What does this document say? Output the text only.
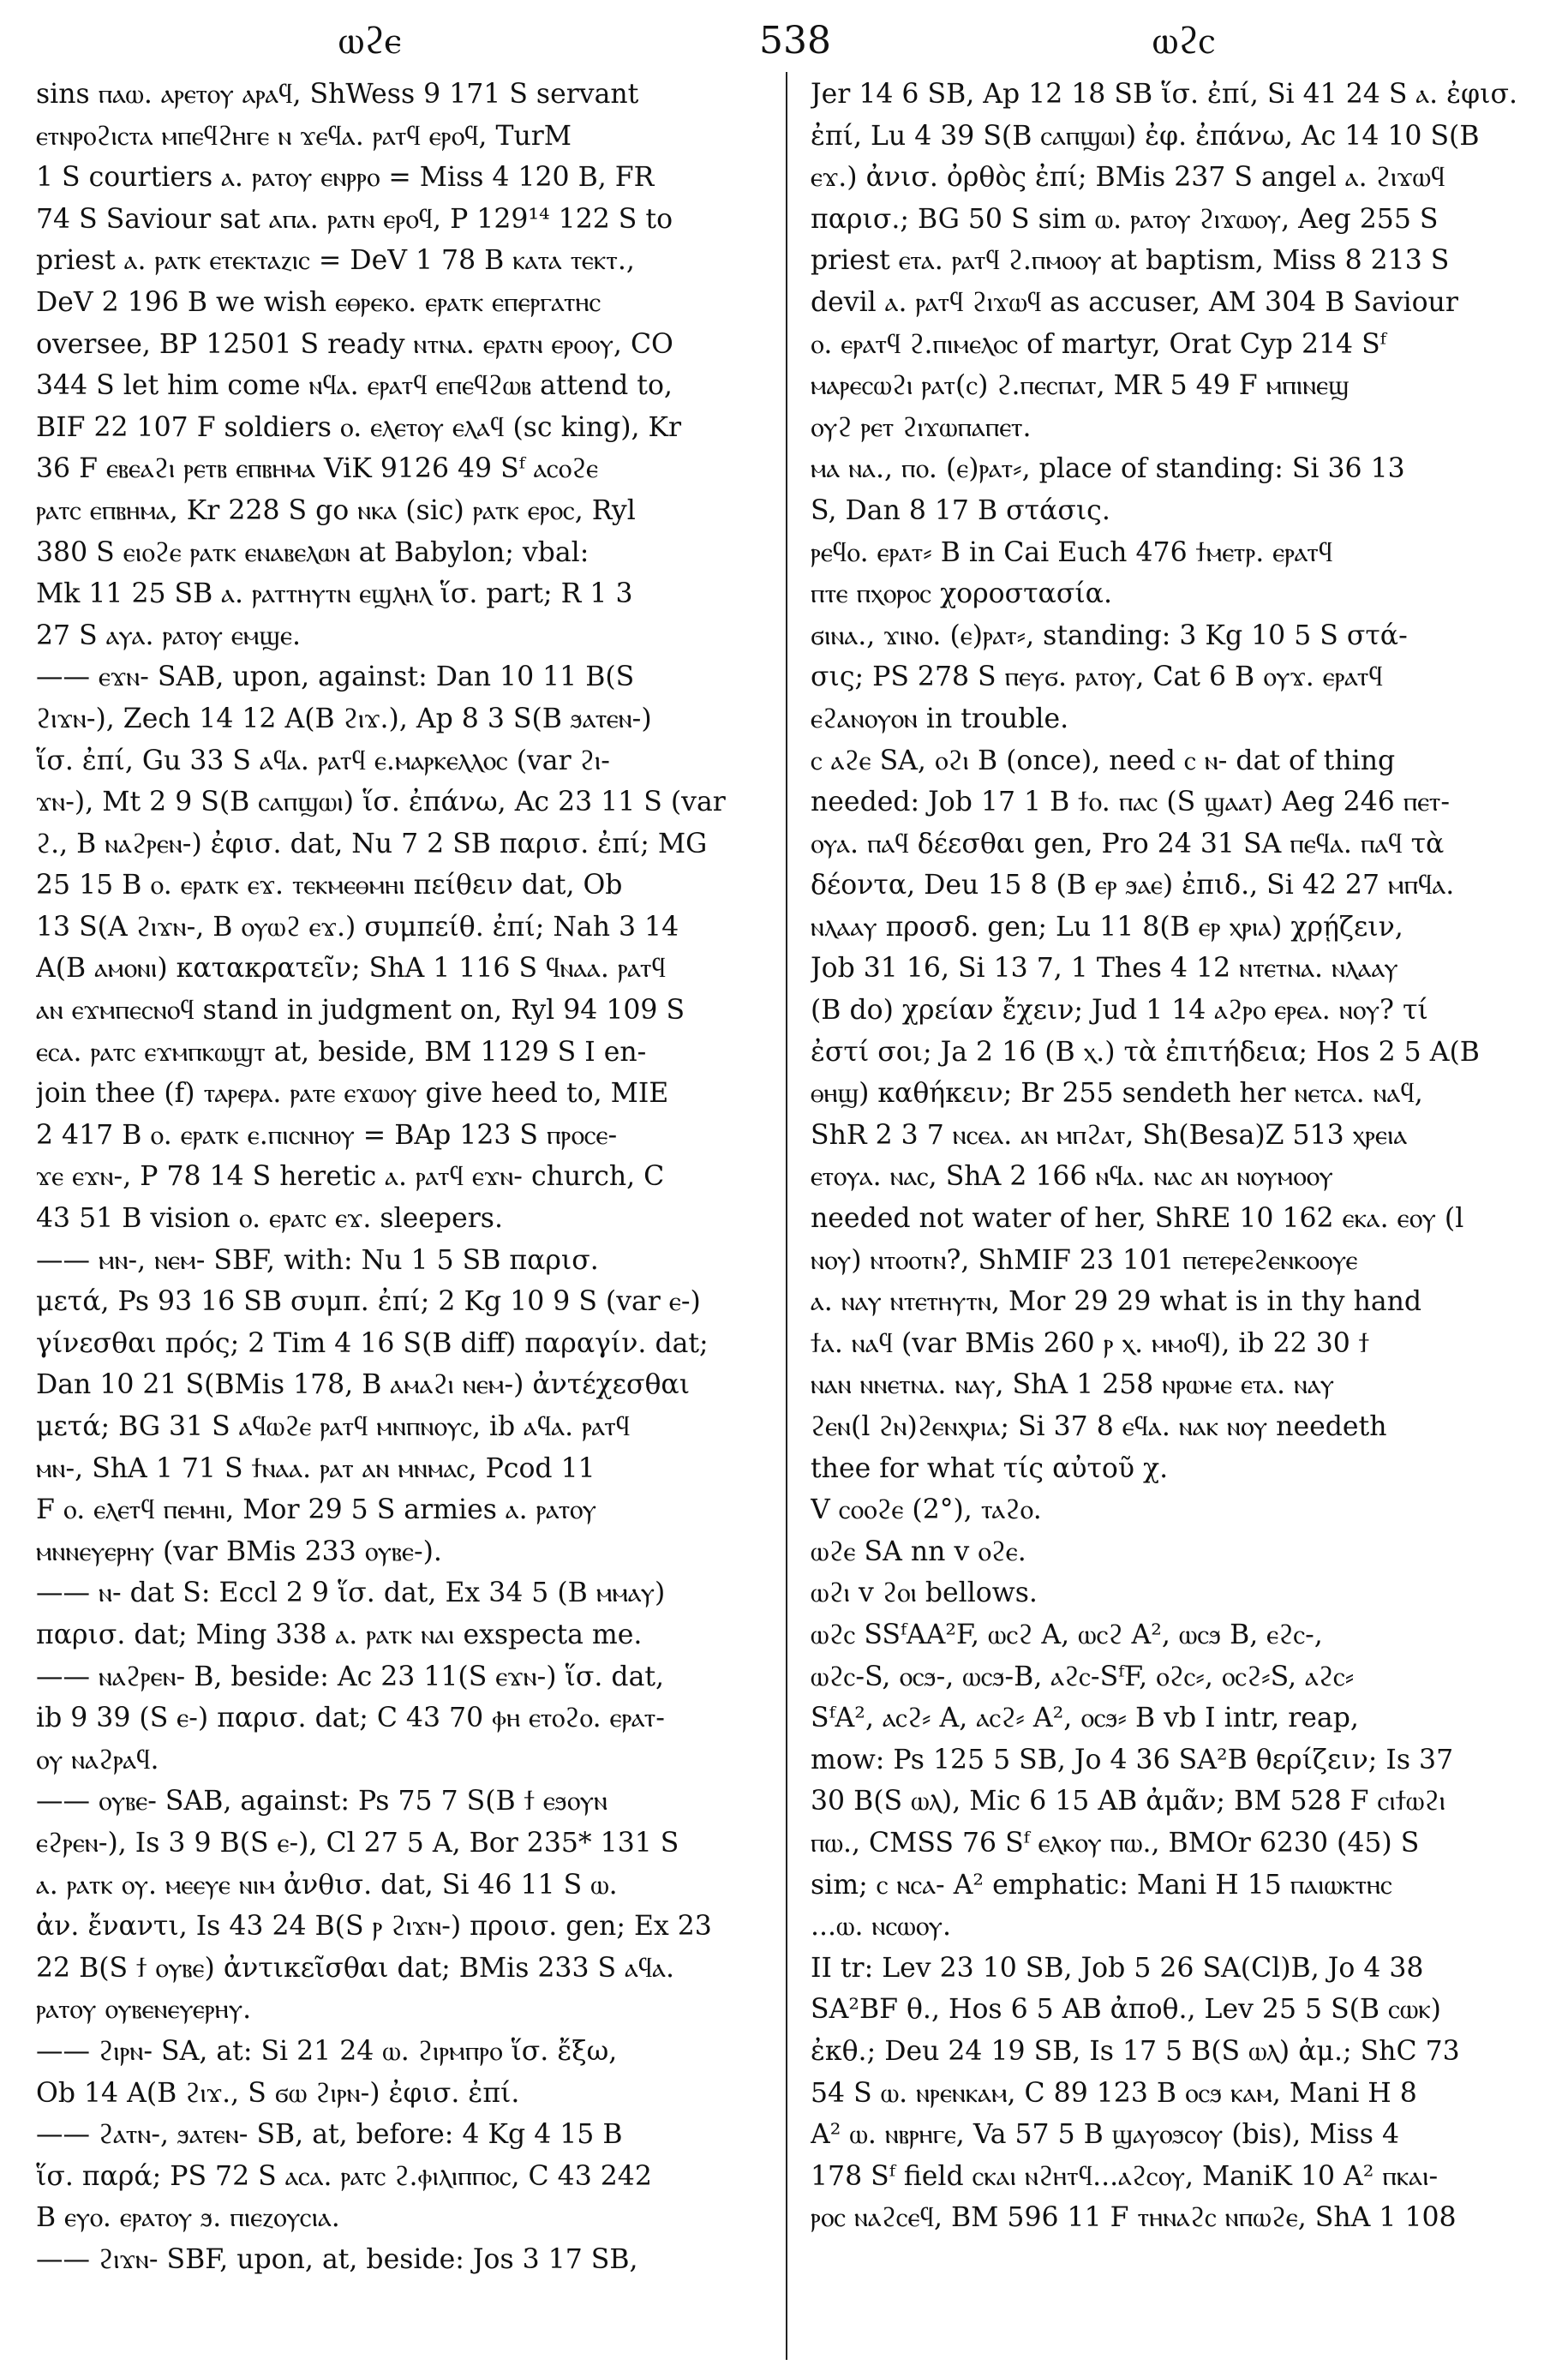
ⲱϩⲉ	538	ⲱϩⲥ

sins ⲡⲁⲱ. ⲁⲣⲉⲧⲟⲩ ⲁⲣⲁϥ, ShWess 9 171 S servant

ⲉⲧⲛⲣⲟϩⲓⲥⲧⲁ ⲙⲡⲉϥϩⲏⲅⲉ ⲛ ϫⲉϥⲁ. ⲣⲁⲧϥ ⲉⲣⲟϥ, TurM

1 S courtiers ⲁ. ⲣⲁⲧⲟⲩ ⲉⲛⲣⲣⲟ = Miss 4 120 B, FR

74 S Saviour sat ⲁⲡⲁ. ⲣⲁⲧⲛ ⲉⲣⲟϥ, P 129¹⁴ 122 S to

priest ⲁ. ⲣⲁⲧⲕ ⲉⲧⲉⲕⲧⲁⲍⲓⲥ = DeV 1 78 B ⲕⲁⲧⲁ ⲧⲉⲕⲧ.,

DeV 2 196 B we wish ⲉⲑⲣⲉⲕⲟ. ⲉⲣⲁⲧⲕ ⲉⲡⲉⲣⲅⲁⲧⲏⲥ

oversee, BP 12501 S ready ⲛⲧⲛⲁ. ⲉⲣⲁⲧⲛ ⲉⲣⲟⲟⲩ, CO

344 S let him come ⲛϥⲁ. ⲉⲣⲁⲧϥ ⲉⲡⲉϥϩⲱⲃ attend to,

BIF 22 107 F soldiers ⲟ. ⲉⲗⲉⲧⲟⲩ ⲉⲗⲁϥ (sc king), Kr

36 F ⲉⲃⲉⲁϩⲓ ⲣⲉⲧⲃ ⲉⲡⲃⲏⲙⲁ ViK 9126 49 Sᶠ ⲁⲥⲟϩⲉ

ⲣⲁⲧⲥ ⲉⲡⲃⲏⲙⲁ, Kr 228 S go ⲛⲕⲁ (sic) ⲣⲁⲧⲕ ⲉⲣⲟⲥ, Ryl

380 S ⲉⲓⲟϩⲉ ⲣⲁⲧⲕ ⲉⲛⲁⲃⲉⲗⲱⲛ at Babylon; vbal:

Mk 11 25 SB ⲁ. ⲣⲁⲧⲧⲏⲩⲧⲛ ⲉϣⲗⲏⲗ ἵσ. part; R 1 3

27 S ⲁⲩⲁ. ⲣⲁⲧⲟⲩ ⲉⲙϣⲉ.

—— ⲉϫⲛ- SAB, upon, against: Dan 10 11 B(S

ϩⲓϫⲛ-), Zech 14 12 A(B ϩⲓϫ.), Ap 8 3 S(B ϧⲁⲧⲉⲛ-)

ἵσ. ἐπί, Gu 33 S ⲁϥⲁ. ⲣⲁⲧϥ ⲉ.ⲙⲁⲣⲕⲉⲗⲗⲟⲥ (var ϩⲓ-

ϫⲛ-), Mt 2 9 S(B ⲥⲁⲡϣⲱⲓ) ἵσ. ἐπάνω, Ac 23 11 S (var

ϩ., B ⲛⲁϩⲣⲉⲛ-) ἐφισ. dat, Nu 7 2 SB παρισ. ἐπί; MG

25 15 B ⲟ. ⲉⲣⲁⲧⲕ ⲉϫ. ⲧⲉⲕⲙⲉⲑⲙⲏⲓ πείθειν dat, Ob

13 S(A ϩⲓϫⲛ-, B ⲟⲩⲱϩ ⲉϫ.) συμπείθ. ἐπί; Nah 3 14

A(B ⲁⲙⲟⲛⲓ) κατακρατεῖν; ShA 1 116 S ϥⲛⲁⲁ. ⲣⲁⲧϥ

ⲁⲛ ⲉϫⲙⲡⲉⲥⲛⲟϥ stand in judgment on, Ryl 94 109 S

ⲉⲥⲁ. ⲣⲁⲧⲥ ⲉϫⲙⲡⲕⲱϣⲧ at, beside, BM 1129 S I en-

join thee (f) ⲧⲁⲣⲉⲣⲁ. ⲣⲁⲧⲉ ⲉϫⲱⲟⲩ give heed to, MIE

2 417 B ⲟ. ⲉⲣⲁⲧⲕ ⲉ.ⲡⲓⲥⲛⲏⲟⲩ = BAp 123 S ⲡⲣⲟⲥⲉ-

ϫⲉ ⲉϫⲛ-, P 78 14 S heretic ⲁ. ⲣⲁⲧϥ ⲉϫⲛ- church, C

43 51 B vision ⲟ. ⲉⲣⲁⲧⲥ ⲉϫ. sleepers.

—— ⲙⲛ-, ⲛⲉⲙ- SBF, with: Nu 1 5 SB παρισ.

μετά, Ps 93 16 SB συμπ. ἐπί; 2 Kg 10 9 S (var ⲉ-)

γίνεσθαι πρός; 2 Tim 4 16 S(B diff) παραγίν. dat;

Dan 10 21 S(BMis 178, B ⲁⲙⲁϩⲓ ⲛⲉⲙ-) ἀντέχεσθαι

μετά; BG 31 S ⲁϥⲱϩⲉ ⲣⲁⲧϥ ⲙⲛⲡⲛⲟⲩⲥ, ib ⲁϥⲁ. ⲣⲁⲧϥ

ⲙⲛ-, ShA 1 71 S ϯⲛⲁⲁ. ⲣⲁⲧ ⲁⲛ ⲙⲛⲙⲁⲥ, Pcod 11

F ⲟ. ⲉⲗⲉⲧϥ ⲡⲉⲙⲏⲓ, Mor 29 5 S armies ⲁ. ⲣⲁⲧⲟⲩ

ⲙⲛⲛⲉⲩⲉⲣⲏⲩ (var BMis 233 ⲟⲩⲃⲉ-).

—— ⲛ- dat S: Eccl 2 9 ἵσ. dat, Ex 34 5 (B ⲙⲙⲁⲩ)

παρισ. dat; Ming 338 ⲁ. ⲣⲁⲧⲕ ⲛⲁⲓ exspecta me.

—— ⲛⲁϩⲣⲉⲛ- B, beside: Ac 23 11(S ⲉϫⲛ-) ἵσ. dat,

ib 9 39 (S ⲉ-) παρισ. dat; C 43 70 ⲫⲏ ⲉⲧⲟϩⲟ. ⲉⲣⲁⲧ-

ⲟⲩ ⲛⲁϩⲣⲁϥ.

—— ⲟⲩⲃⲉ- SAB, against: Ps 75 7 S(B ϯ ⲉϧⲟⲩⲛ

ⲉϩⲣⲉⲛ-), Is 3 9 B(S ⲉ-), Cl 27 5 A, Bor 235* 131 S

ⲁ. ⲣⲁⲧⲕ ⲟⲩ. ⲙⲉⲉⲩⲉ ⲛⲓⲙ ἀνθισ. dat, Si 46 11 S ⲱ.

ἀν. ἔναντι, Is 43 24 B(S ⲣ ϩⲓϫⲛ-) προισ. gen; Ex 23

22 B(S ϯ ⲟⲩⲃⲉ) ἀντικεῖσθαι dat; BMis 233 S ⲁϥⲁ.

ⲣⲁⲧⲟⲩ ⲟⲩⲃⲉⲛⲉⲩⲉⲣⲏⲩ.

—— ϩⲓⲣⲛ- SA, at: Si 21 24 ⲱ. ϩⲓⲣⲙⲡⲣⲟ ἵσ. ἔξω,

Ob 14 A(B ϩⲓϫ., S ϭⲱ ϩⲓⲣⲛ-) ἐφισ. ἐπί.

—— ϩⲁⲧⲛ-, ϧⲁⲧⲉⲛ- SB, at, before: 4 Kg 4 15 B

ἵσ. παρά; PS 72 S ⲁⲥⲁ. ⲣⲁⲧⲥ ϩ.ⲫⲓⲗⲓⲡⲡⲟⲥ, C 43 242

B ⲉⲩⲟ. ⲉⲣⲁⲧⲟⲩ ϧ. ⲡⲓⲉⲍⲟⲩⲥⲓⲁ.

—— ϩⲓϫⲛ- SBF, upon, at, beside: Jos 3 17 SB,

Jer 14 6 SB, Ap 12 18 SB ἵσ. ἐπί, Si 41 24 S ⲁ. ἐφισ.

ἐπί, Lu 4 39 S(B ⲥⲁⲡϣⲱⲓ) ἐφ. ἐπάνω, Ac 14 10 S(B

ⲉϫ.) ἀνισ. ὀρθὸς ἐπί; BMis 237 S angel ⲁ. ϩⲓϫⲱϥ

παρισ.; BG 50 S sim ⲱ. ⲣⲁⲧⲟⲩ ϩⲓϫⲱⲟⲩ, Aeg 255 S

priest ⲉⲧⲁ. ⲣⲁⲧϥ ϩ.ⲡⲙⲟⲟⲩ at baptism, Miss 8 213 S

devil ⲁ. ⲣⲁⲧϥ ϩⲓϫⲱϥ as accuser, AM 304 B Saviour

ⲟ. ⲉⲣⲁⲧϥ ϩ.ⲡⲓⲙⲉⲗⲟⲥ of martyr, Orat Cyp 214 Sᶠ

ⲙⲁⲣⲉⲥⲱϩⲓ ⲣⲁⲧ(ⲥ) ϩ.ⲡⲉⲥⲡⲁⲧ, MR 5 49 F ⲙⲡⲓⲛⲉϣ

ⲟⲩϩ ⲣⲉⲧ ϩⲓϫⲱⲡⲁⲡⲉⲧ.

ⲙⲁ ⲛⲁ., ⲡⲟ. (ⲉ)ⲣⲁⲧ⸗, place of standing: Si 36 13

S, Dan 8 17 B στάσις.

ⲣⲉϥⲟ. ⲉⲣⲁⲧ⸗ B in Cai Euch 476 ϯⲙⲉⲧⲣ. ⲉⲣⲁⲧϥ

ⲡⲧⲉ ⲡⲭⲟⲣⲟⲥ χοροστασία.

ϭⲓⲛⲁ., ϫⲓⲛⲟ. (ⲉ)ⲣⲁⲧ⸗, standing: 3 Kg 10 5 S στά-

σις; PS 278 S ⲡⲉⲩϭ. ⲣⲁⲧⲟⲩ, Cat 6 B ⲟⲩϫ. ⲉⲣⲁⲧϥ

ⲉϩⲁⲛⲟⲩⲟⲛ in trouble.

ⲥ ⲁϩⲉ SA, ⲟϩⲓ B (once), need ⲥ ⲛ- dat of thing

needed: Job 17 1 B ϯⲟ. ⲡⲁⲥ (S ϣⲁⲁⲧ) Aeg 246 ⲡⲉⲧ-

ⲟⲩⲁ. ⲡⲁϥ δέεσθαι gen, Pro 24 31 SA ⲡⲉϥⲁ. ⲡⲁϥ τὰ

δέοντα, Deu 15 8 (B ⲉⲣ ϧⲁⲉ) ἐπιδ., Si 42 27 ⲙⲡϥⲁ.

ⲛⲗⲁⲁⲩ προσδ. gen; Lu 11 8(B ⲉⲣ ⲭⲣⲓⲁ) χρῄζειν,

Job 31 16, Si 13 7, 1 Thes 4 12 ⲛⲧⲉⲧⲛⲁ. ⲛⲗⲁⲁⲩ

(B do) χρείαν ἔχειν; Jud 1 14 ⲁϩⲣⲟ ⲉⲣⲉⲁ. ⲛⲟⲩ? τί

ἐστί σοι; Ja 2 16 (B ⲭ.) τὰ ἐπιτήδεια; Hos 2 5 A(B

ⲑⲏϣ) καθήκειν; Br 255 sendeth her ⲛⲉⲧⲥⲁ. ⲛⲁϥ,

ShR 2 3 7 ⲛⲥⲉⲁ. ⲁⲛ ⲙⲡϩⲁⲧ, Sh(Besa)Z 513 ⲭⲣⲉⲓⲁ

ⲉⲧⲟⲩⲁ. ⲛⲁⲥ, ShA 2 166 ⲛϥⲁ. ⲛⲁⲥ ⲁⲛ ⲛⲟⲩⲙⲟⲟⲩ

needed not water of her, ShRE 10 162 ⲉⲕⲁ. ⲉⲟⲩ (l

ⲛⲟⲩ) ⲛⲧⲟⲟⲧⲛ?, ShMIF 23 101 ⲡⲉⲧⲉⲣⲉϩⲉⲛⲕⲟⲟⲩⲉ

ⲁ. ⲛⲁⲩ ⲛⲧⲉⲧⲏⲩⲧⲛ, Mor 29 29 what is in thy hand

ϯⲁ. ⲛⲁϥ (var BMis 260 ⲣ ⲭ. ⲙⲙⲟϥ), ib 22 30 ϯ

ⲛⲁⲛ ⲛⲛⲉⲧⲛⲁ. ⲛⲁⲩ, ShA 1 258 ⲛⲣⲱⲙⲉ ⲉⲧⲁ. ⲛⲁⲩ

ϩⲉⲛ(l ϩⲛ)ϩⲉⲛⲭⲣⲓⲁ; Si 37 8 ⲉϥⲁ. ⲛⲁⲕ ⲛⲟⲩ needeth

thee for what τίς αὐτοῦ χ.

V ⲥⲟⲟϩⲉ (2°), ⲧⲁϩⲟ.

ⲱϩⲉ SA nn v ⲟϩⲉ.

ⲱϩⲓ v ϩⲟⲓ bellows.

ⲱϩⲥ SSᶠAA²F, ⲱⲥϩ A, ⲱⲥϩ A², ⲱⲥϧ B, ⲉϩⲥ-,

ⲱϩⲥ-S, ⲟⲥϧ-, ⲱⲥϧ-B, ⲁϩⲥ-SᶠF, ⲟϩⲥ⸗, ⲟⲥϩ⸗S, ⲁϩⲥ⸗

SᶠA², ⲁⲥϩ⸗ A, ⲁⲥϩ⸗ A², ⲟⲥϧ⸗ B vb I intr, reap,

mow: Ps 125 5 SB, Jo 4 36 SA²B θερίζειν; Is 37

30 B(S ⲱⲗ), Mic 6 15 AB ἀμᾶν; BM 528 F ⲥⲓϯⲱϩⲓ

ⲡⲱ., CMSS 76 Sᶠ ⲉⲗⲕⲟⲩ ⲡⲱ., BMOr 6230 (45) S

sim; ⲥ ⲛⲥⲁ- A² emphatic: Mani H 15 ⲡⲁⲓⲱⲕⲧⲏⲥ

...ⲱ. ⲛⲥⲱⲟⲩ.

II tr: Lev 23 10 SB, Job 5 26 SA(Cl)B, Jo 4 38

SA²BF θ., Hos 6 5 AB ἀποθ., Lev 25 5 S(B ⲥⲱⲕ)

ἐκθ.; Deu 24 19 SB, Is 17 5 B(S ⲱⲗ) ἀμ.; ShC 73

54 S ⲱ. ⲛⲣⲉⲛⲕⲁⲙ, C 89 123 B ⲟⲥϧ ⲕⲁⲙ, Mani H 8

A² ⲱ. ⲛⲃⲣⲏⲅⲉ, Va 57 5 B ϣⲁⲩⲟϧⲥⲟⲩ (bis), Miss 4

178 Sᶠ field ⲥⲕⲁⲓ ⲛϩⲏⲧϥ...ⲁϩⲥⲟⲩ, ManiK 10 A² ⲡⲕⲁⲓ-

ⲣⲟⲥ ⲛⲁϩⲥⲉϥ, BM 596 11 F ⲧⲏⲛⲁϩⲥ ⲛⲡⲱϩⲉ, ShA 1 108
